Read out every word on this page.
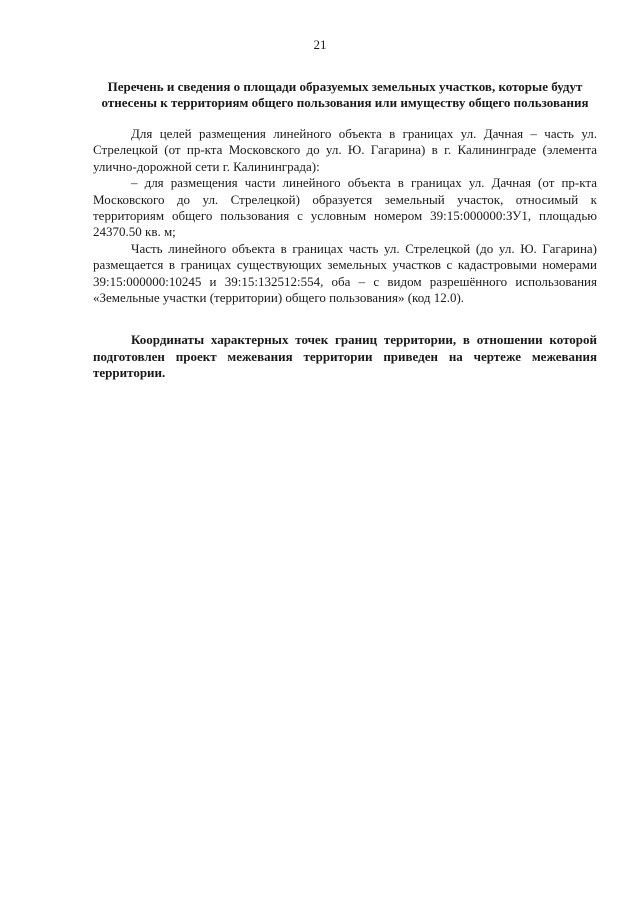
21

Перечень и сведения о площади образуемых земельных участков, которые будут отнесены к территориям общего пользования или имуществу общего пользования

Для целей размещения линейного объекта в границах ул. Дачная – часть ул. Стрелецкой (от пр-кта Московского до ул. Ю. Гагарина) в г. Калининграде (элемента улично-дорожной сети г. Калининграда):

– для размещения части линейного объекта в границах ул. Дачная (от пр-кта Московского до ул. Стрелецкой) образуется земельный участок, относимый к территориям общего пользования с условным номером 39:15:000000:ЗУ1, площадью 24370.50 кв. м;

Часть линейного объекта в границах часть ул. Стрелецкой (до ул. Ю. Гагарина) размещается в границах существующих земельных участков с кадастровыми номерами 39:15:000000:10245 и 39:15:132512:554, оба – с видом разрешённого использования «Земельные участки (территории) общего пользования» (код 12.0).

Координаты характерных точек границ территории, в отношении которой подготовлен проект межевания территории приведен на чертеже межевания территории.
